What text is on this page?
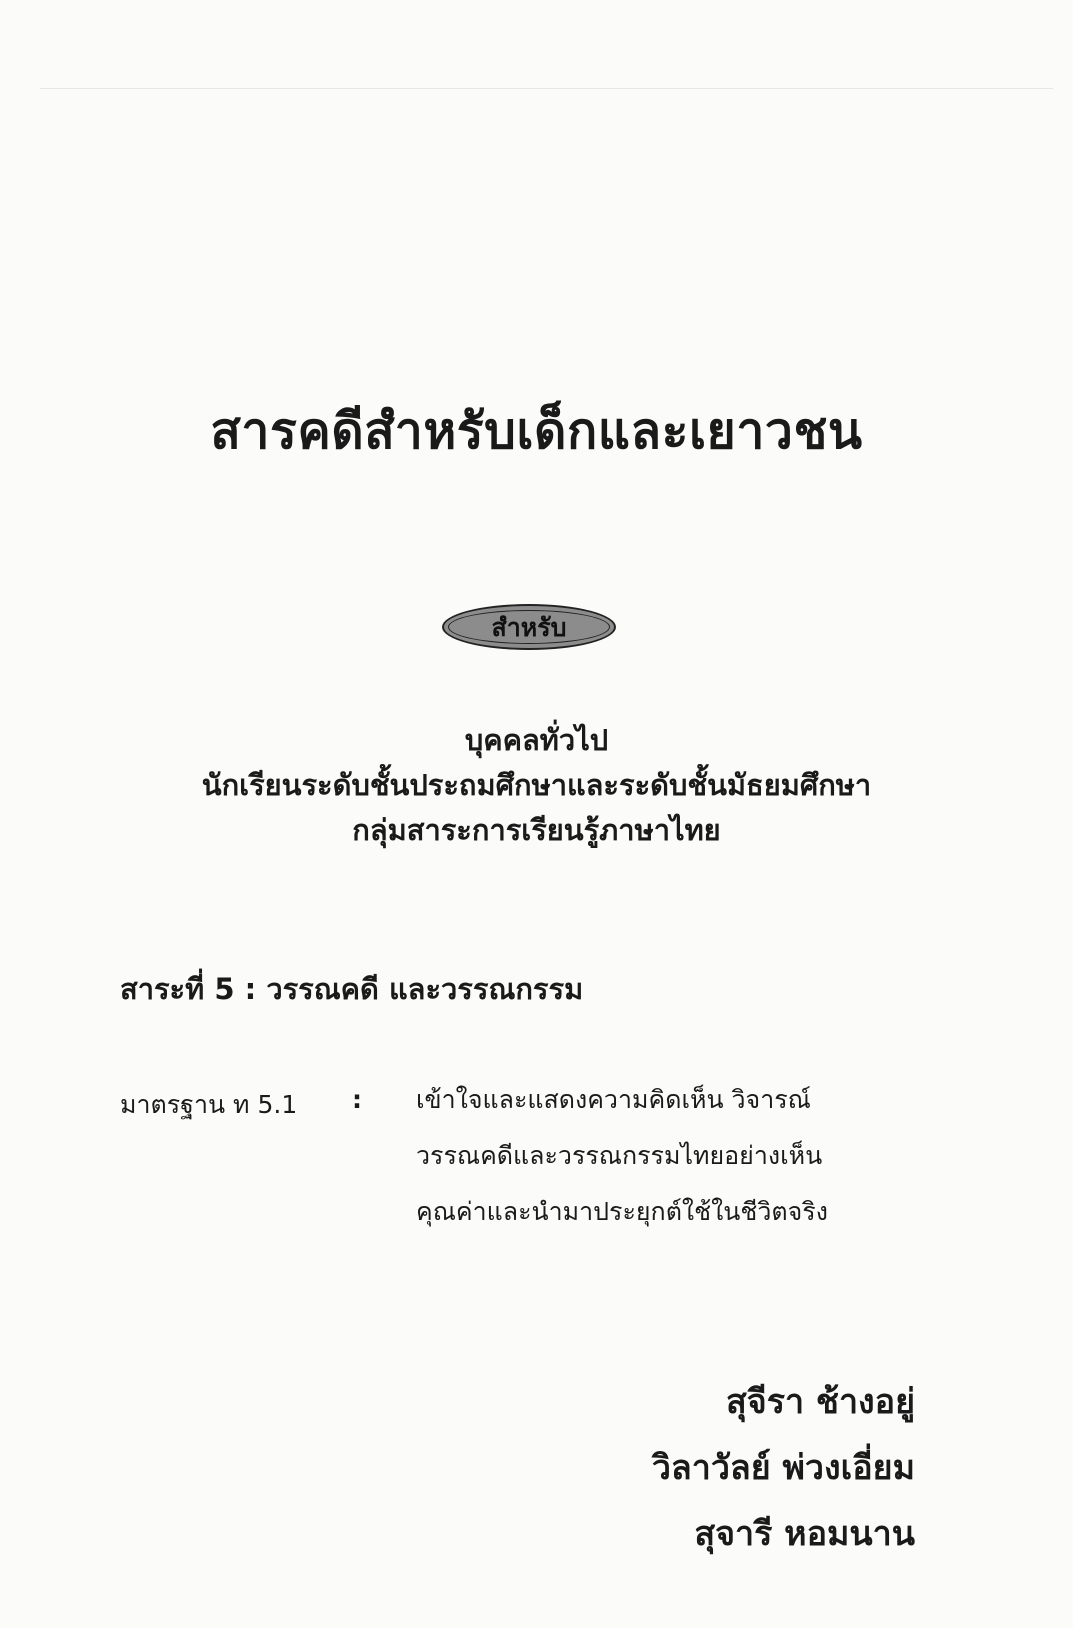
สารคดีสำหรับเด็กและเยาวชน
สำหรับ
บุคคลทั่วไป
นักเรียนระดับชั้นประถมศึกษาและระดับชั้นมัธยมศึกษา
กลุ่มสาระการเรียนรู้ภาษาไทย
สาระที่ 5 : วรรณคดี และวรรณกรรม
มาตรฐาน ท 5.1 : เข้าใจและแสดงความคิดเห็น วิจารณ์
วรรณคดีและวรรณกรรมไทยอย่างเห็น
คุณค่าและนำมาประยุกต์ใช้ในชีวิตจริง
สุจีรา ช้างอยู่
วิลาวัลย์ พ่วงเอี่ยม
สุจารี หอมนาน
